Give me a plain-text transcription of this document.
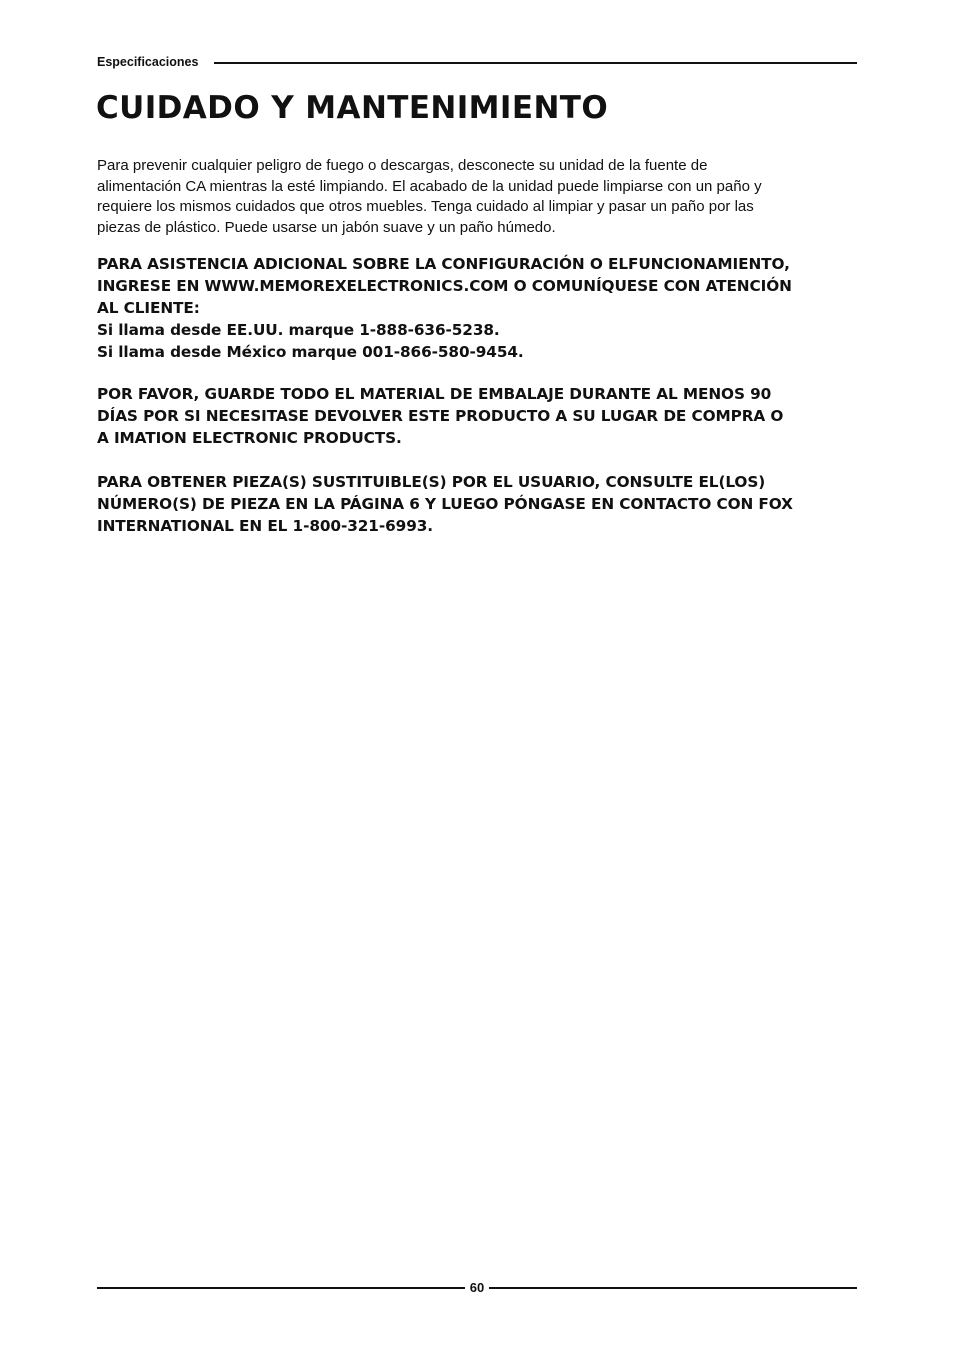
Especificaciones
CUIDADO Y MANTENIMIENTO

Para prevenir cualquier peligro de fuego o descargas, desconecte su unidad de la fuente de
alimentación CA mientras la esté limpiando. El acabado de la unidad puede limpiarse con un paño y
requiere los mismos cuidados que otros muebles. Tenga cuidado al limpiar y pasar un paño por las
piezas de plástico. Puede usarse un jabón suave y un paño húmedo.

PARA ASISTENCIA ADICIONAL SOBRE LA CONFIGURACIÓN O ELFUNCIONAMIENTO,
INGRESE EN WWW.MEMOREXELECTRONICS.COM O COMUNÍQUESE CON ATENCIÓN
AL CLIENTE:
Si llama desde EE.UU. marque 1-888-636-5238.
Si llama desde México marque 001-866-580-9454.

POR FAVOR, GUARDE TODO EL MATERIAL DE EMBALAJE DURANTE AL MENOS 90
DÍAS POR SI NECESITASE DEVOLVER ESTE PRODUCTO A SU LUGAR DE COMPRA O
A IMATION ELECTRONIC PRODUCTS.

PARA OBTENER PIEZA(S) SUSTITUIBLE(S) POR EL USUARIO, CONSULTE EL(LOS)
NÚMERO(S) DE PIEZA EN LA PÁGINA 6 Y LUEGO PÓNGASE EN CONTACTO CON FOX
INTERNATIONAL EN EL 1-800-321-6993.

60
